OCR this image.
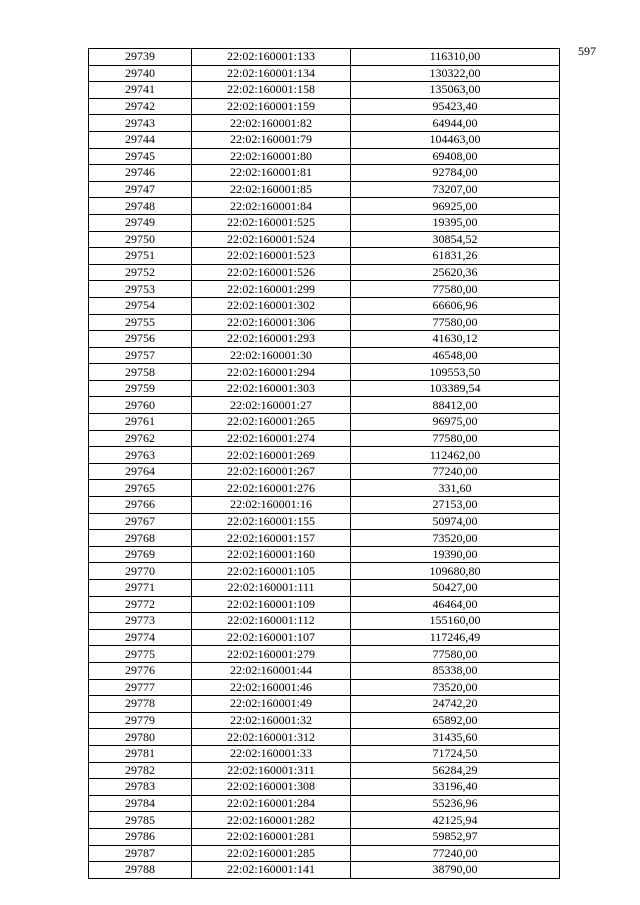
597
29739	22:02:160001:133	116310,00
29740	22:02:160001:134	130322,00
29741	22:02:160001:158	135063,00
29742	22:02:160001:159	95423,40
29743	22:02:160001:82	64944,00
29744	22:02:160001:79	104463,00
29745	22:02:160001:80	69408,00
29746	22:02:160001:81	92784,00
29747	22:02:160001:85	73207,00
29748	22:02:160001:84	96925,00
29749	22:02:160001:525	19395,00
29750	22:02:160001:524	30854,52
29751	22:02:160001:523	61831,26
29752	22:02:160001:526	25620,36
29753	22:02:160001:299	77580,00
29754	22:02:160001:302	66606,96
29755	22:02:160001:306	77580,00
29756	22:02:160001:293	41630,12
29757	22:02:160001:30	46548,00
29758	22:02:160001:294	109553,50
29759	22:02:160001:303	103389,54
29760	22:02:160001:27	88412,00
29761	22:02:160001:265	96975,00
29762	22:02:160001:274	77580,00
29763	22:02:160001:269	112462,00
29764	22:02:160001:267	77240,00
29765	22:02:160001:276	331,60
29766	22:02:160001:16	27153,00
29767	22:02:160001:155	50974,00
29768	22:02:160001:157	73520,00
29769	22:02:160001:160	19390,00
29770	22:02:160001:105	109680,80
29771	22:02:160001:111	50427,00
29772	22:02:160001:109	46464,00
29773	22:02:160001:112	155160,00
29774	22:02:160001:107	117246,49
29775	22:02:160001:279	77580,00
29776	22:02:160001:44	85338,00
29777	22:02:160001:46	73520,00
29778	22:02:160001:49	24742,20
29779	22:02:160001:32	65892,00
29780	22:02:160001:312	31435,60
29781	22:02:160001:33	71724,50
29782	22:02:160001:311	56284,29
29783	22:02:160001:308	33196,40
29784	22:02:160001:284	55236,96
29785	22:02:160001:282	42125,94
29786	22:02:160001:281	59852,97
29787	22:02:160001:285	77240,00
29788	22:02:160001:141	38790,00
